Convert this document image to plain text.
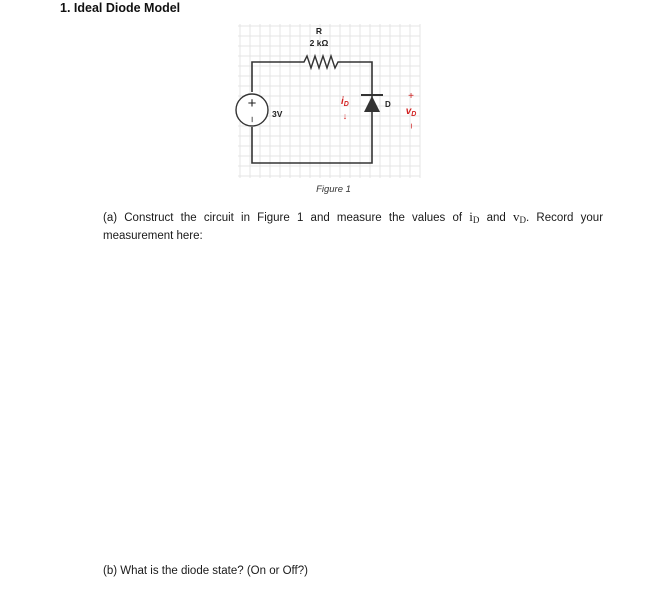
1. Ideal Diode Model
R
2 kΩ
+
−
3V
$i_D$
↓
D
+
$v_D$
−
Figure 1
(a) Construct the circuit in Figure 1 and measure the values of $i_D$ and $v_D$. Record your measurement here:
(b) What is the diode state? (On or Off?)
